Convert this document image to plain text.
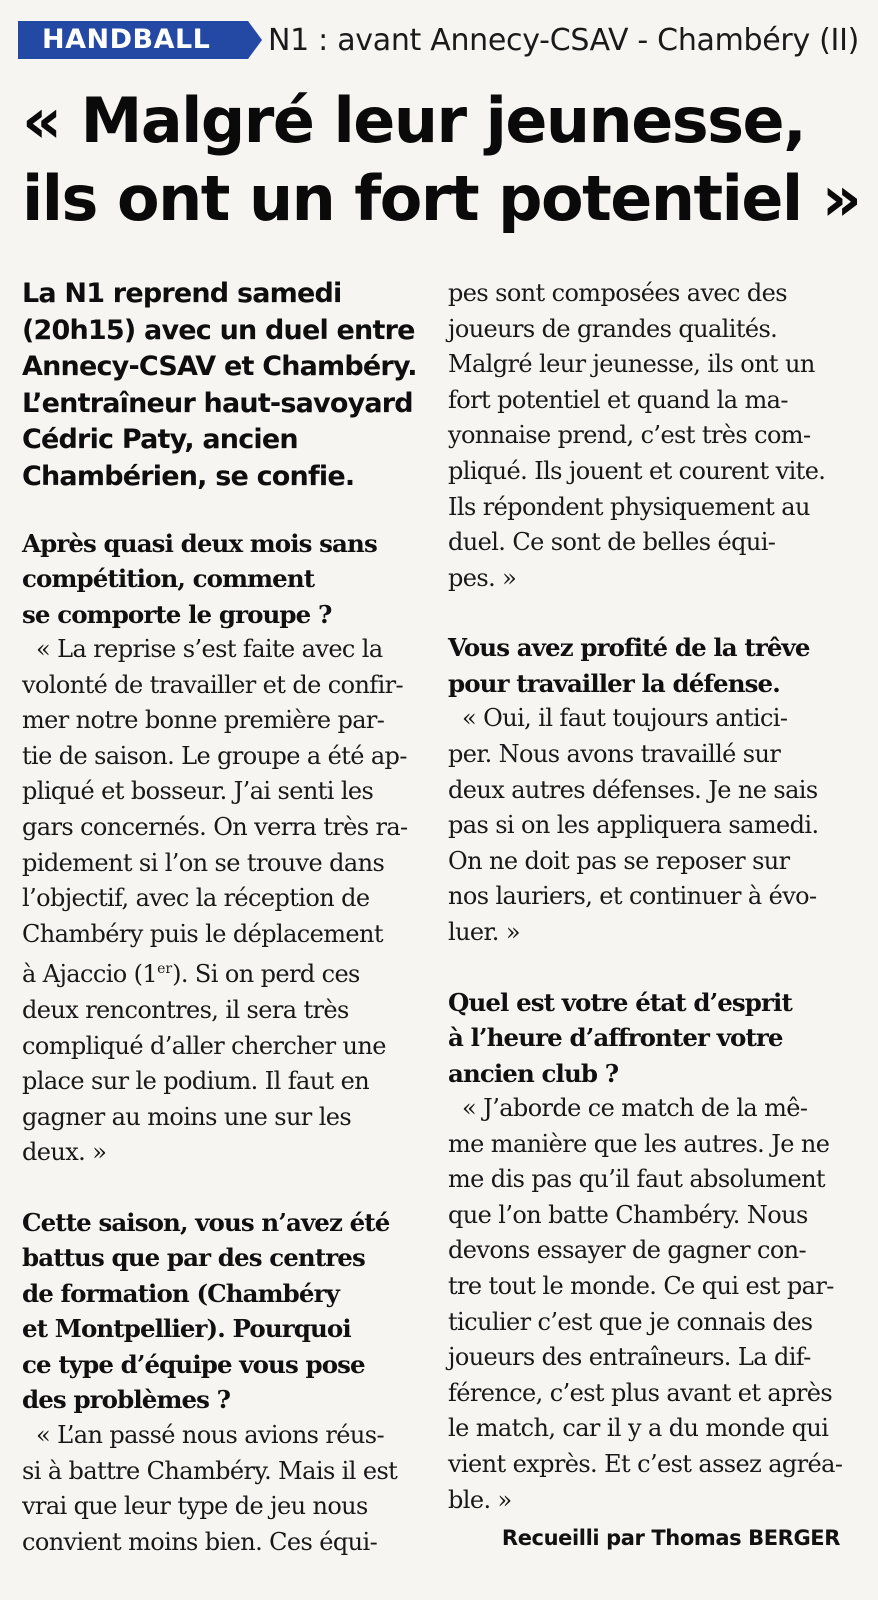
HANDBALL	N1 : avant Annecy-CSAV - Chambéry (II)
« Malgré leur jeunesse,
ils ont un fort potentiel »
La N1 reprend samedi
(20h15) avec un duel entre
Annecy-CSAV et Chambéry.
L’entraîneur haut-savoyard
Cédric Paty, ancien
Chambérien, se confie.
Après quasi deux mois sans
compétition, comment
se comporte le groupe ?
« La reprise s’est faite avec la
volonté de travailler et de confir-
mer notre bonne première par-
tie de saison. Le groupe a été ap-
pliqué et bosseur. J’ai senti les
gars concernés. On verra très ra-
pidement si l’on se trouve dans
l’objectif, avec la réception de
Chambéry puis le déplacement
à Ajaccio (1er). Si on perd ces
deux rencontres, il sera très
compliqué d’aller chercher une
place sur le podium. Il faut en
gagner au moins une sur les
deux. »
Cette saison, vous n’avez été
battus que par des centres
de formation (Chambéry
et Montpellier). Pourquoi
ce type d’équipe vous pose
des problèmes ?
« L’an passé nous avions réus-
si à battre Chambéry. Mais il est
vrai que leur type de jeu nous
convient moins bien. Ces équi-
pes sont composées avec des
joueurs de grandes qualités.
Malgré leur jeunesse, ils ont un
fort potentiel et quand la ma-
yonnaise prend, c’est très com-
pliqué. Ils jouent et courent vite.
Ils répondent physiquement au
duel. Ce sont de belles équi-
pes. »
Vous avez profité de la trêve
pour travailler la défense.
« Oui, il faut toujours antici-
per. Nous avons travaillé sur
deux autres défenses. Je ne sais
pas si on les appliquera samedi.
On ne doit pas se reposer sur
nos lauriers, et continuer à évo-
luer. »
Quel est votre état d’esprit
à l’heure d’affronter votre
ancien club ?
« J’aborde ce match de la mê-
me manière que les autres. Je ne
me dis pas qu’il faut absolument
que l’on batte Chambéry. Nous
devons essayer de gagner con-
tre tout le monde. Ce qui est par-
ticulier c’est que je connais des
joueurs des entraîneurs. La dif-
férence, c’est plus avant et après
le match, car il y a du monde qui
vient exprès. Et c’est assez agréa-
ble. »
Recueilli par Thomas BERGER
